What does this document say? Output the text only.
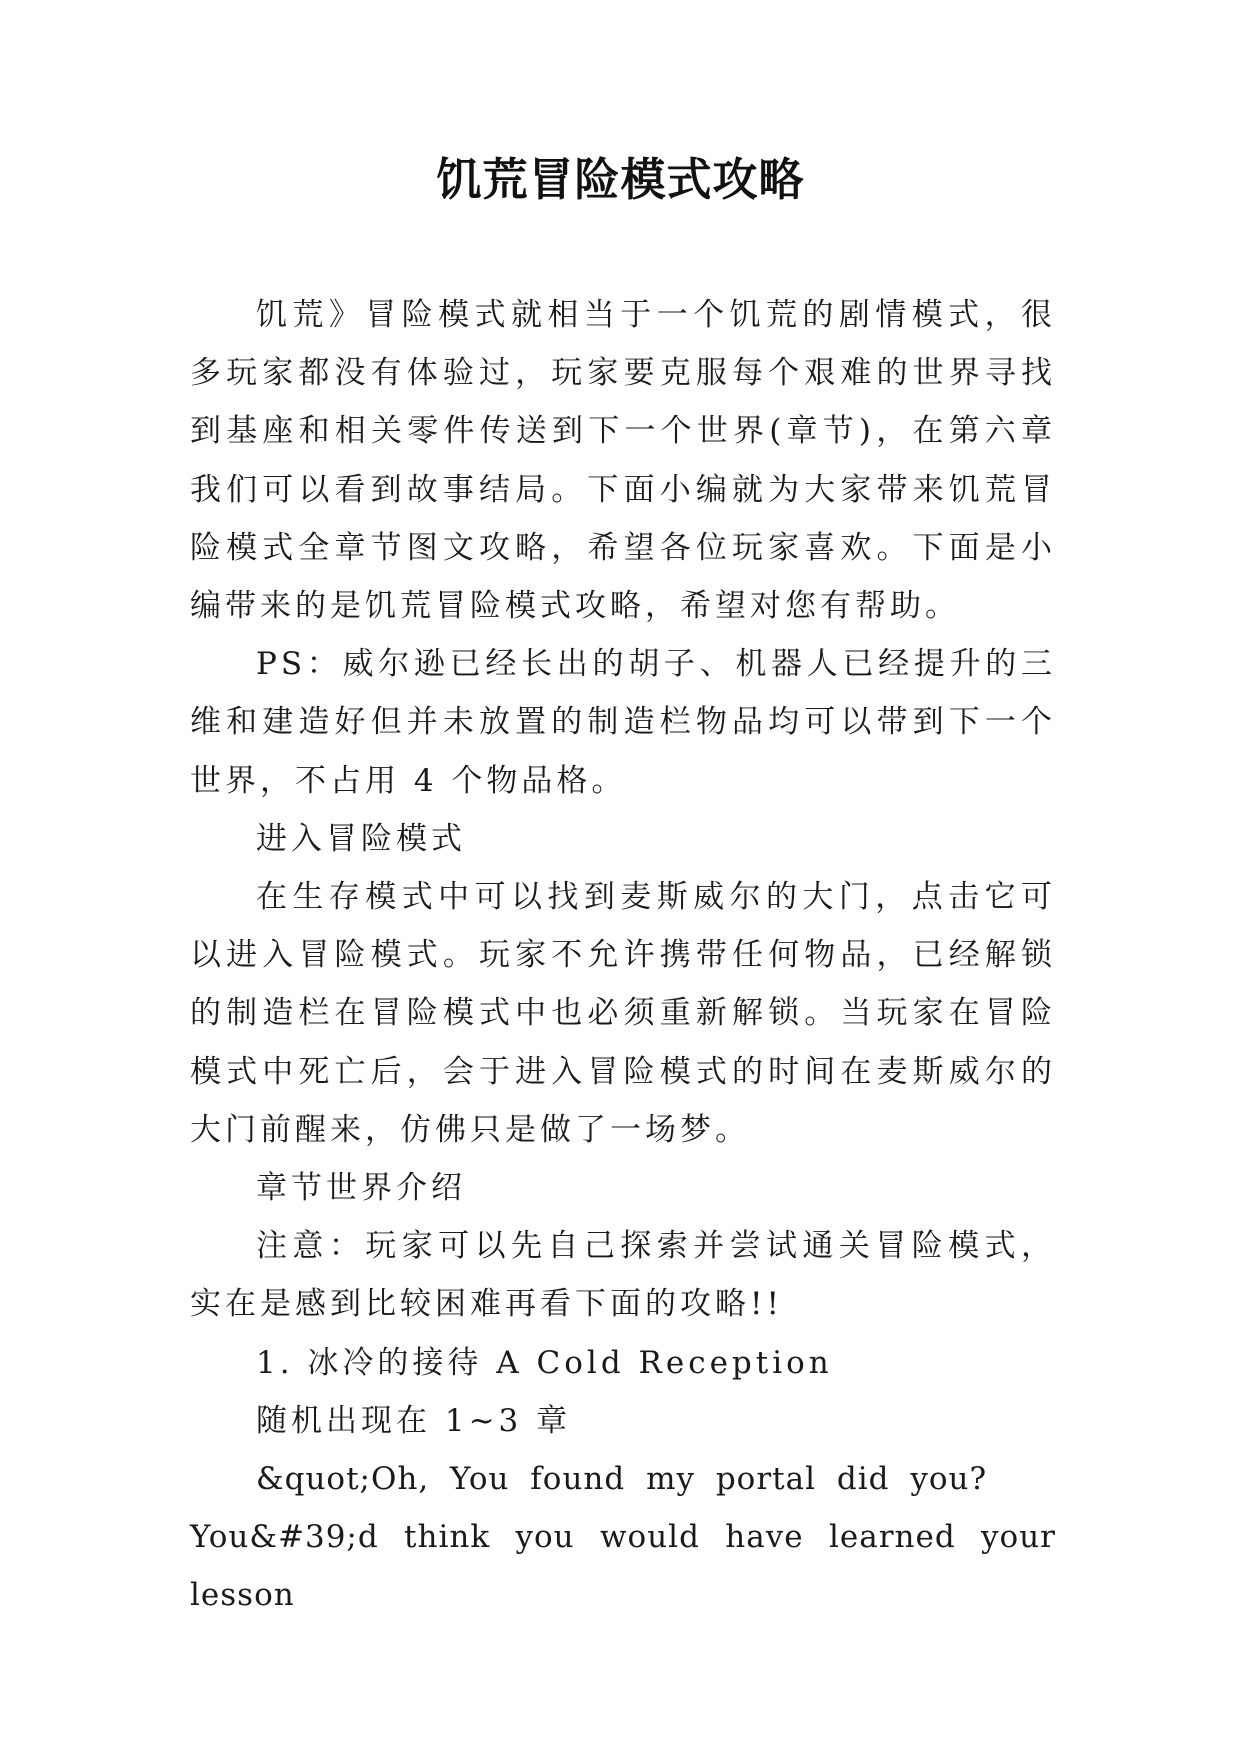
饥荒冒险模式攻略

饥荒》冒险模式就相当于一个饥荒的剧情模式，很多玩家都没有体验过，玩家要克服每个艰难的世界寻找到基座和相关零件传送到下一个世界(章节)，在第六章我们可以看到故事结局。下面小编就为大家带来饥荒冒险模式全章节图文攻略，希望各位玩家喜欢。下面是小编带来的是饥荒冒险模式攻略，希望对您有帮助。

PS：威尔逊已经长出的胡子、机器人已经提升的三维和建造好但并未放置的制造栏物品均可以带到下一个世界，不占用 4 个物品格。

进入冒险模式

在生存模式中可以找到麦斯威尔的大门，点击它可以进入冒险模式。玩家不允许携带任何物品，已经解锁的制造栏在冒险模式中也必须重新解锁。当玩家在冒险模式中死亡后，会于进入冒险模式的时间在麦斯威尔的大门前醒来，仿佛只是做了一场梦。

章节世界介绍

注意：玩家可以先自己探索并尝试通关冒险模式，实在是感到比较困难再看下面的攻略!!

1. 冰冷的接待 A Cold Reception

随机出现在 1~3 章

&quot;Oh, You found my portal did you?

You&#39;d think you would have learned your lesson
